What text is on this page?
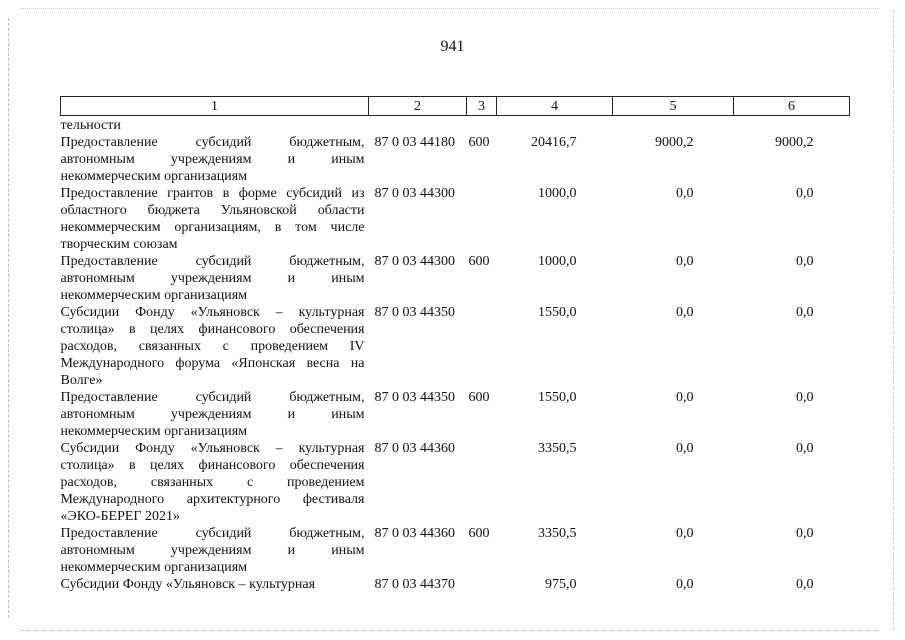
941
1	2	3	4	5	6
тельности					
Предоставление субсидий бюджетным, автономным учреждениям и иным некоммерческим организациям	87 0 03 44180	600	20416,7	9000,2	9000,2
Предоставление грантов в форме субсидий из областного бюджета Ульяновской области некоммерческим организациям, в том числе творческим союзам	87 0 03 44300		1000,0	0,0	0,0
Предоставление субсидий бюджетным, автономным учреждениям и иным некоммерческим организациям	87 0 03 44300	600	1000,0	0,0	0,0
Субсидии Фонду «Ульяновск – культурная столица» в целях финансового обеспечения расходов, связанных с проведением IV Международного форума «Японская весна на Волге»	87 0 03 44350		1550,0	0,0	0,0
Предоставление субсидий бюджетным, автономным учреждениям и иным некоммерческим организациям	87 0 03 44350	600	1550,0	0,0	0,0
Субсидии Фонду «Ульяновск – культурная столица» в целях финансового обеспечения расходов, связанных с проведением Международного архитектурного фестиваля «ЭКО-БЕРЕГ 2021»	87 0 03 44360		3350,5	0,0	0,0
Предоставление субсидий бюджетным, автономным учреждениям и иным некоммерческим организациям	87 0 03 44360	600	3350,5	0,0	0,0
Субсидии Фонду «Ульяновск – культурная	87 0 03 44370		975,0	0,0	0,0
